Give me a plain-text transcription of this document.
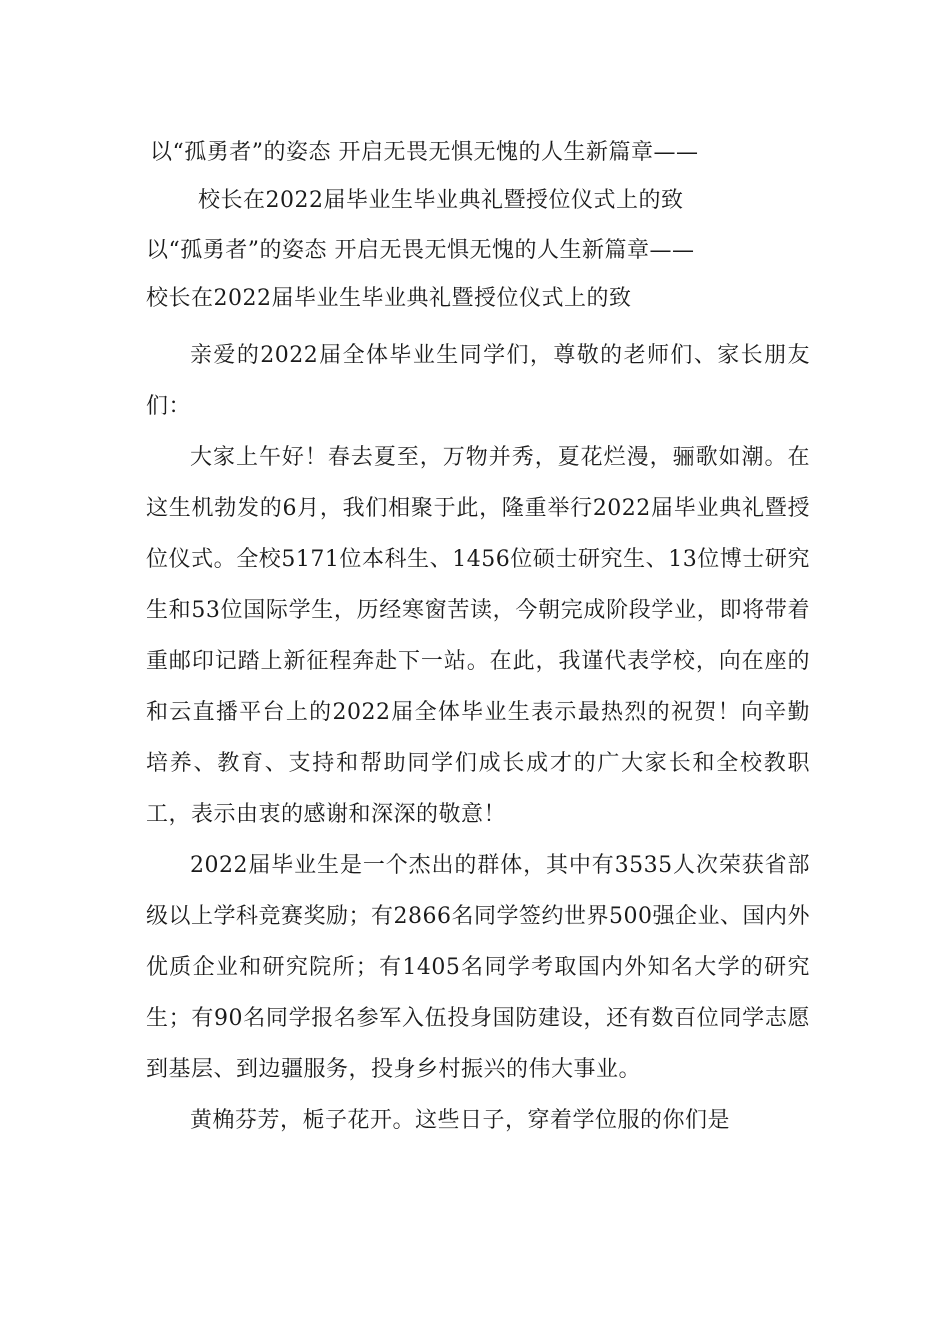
以“孤勇者”的姿态 开启无畏无惧无愧的人生新篇章——
校长在2022届毕业生毕业典礼暨授位仪式上的致
以“孤勇者”的姿态 开启无畏无惧无愧的人生新篇章——
校长在2022届毕业生毕业典礼暨授位仪式上的致

亲爱的2022届全体毕业生同学们，尊敬的老师们、家长朋友们：

大家上午好！春去夏至，万物并秀，夏花烂漫，骊歌如潮。在这生机勃发的6月，我们相聚于此，隆重举行2022届毕业典礼暨授位仪式。全校5171位本科生、1456位硕士研究生、13位博士研究生和53位国际学生，历经寒窗苦读，今朝完成阶段学业，即将带着重邮印记踏上新征程奔赴下一站。在此，我谨代表学校，向在座的和云直播平台上的2022届全体毕业生表示最热烈的祝贺！向辛勤培养、教育、支持和帮助同学们成长成才的广大家长和全校教职工，表示由衷的感谢和深深的敬意！

2022届毕业生是一个杰出的群体，其中有3535人次荣获省部级以上学科竞赛奖励；有2866名同学签约世界500强企业、国内外优质企业和研究院所；有1405名同学考取国内外知名大学的研究生；有90名同学报名参军入伍投身国防建设，还有数百位同学志愿到基层、到边疆服务，投身乡村振兴的伟大事业。

黄桷芬芳，栀子花开。这些日子，穿着学位服的你们是
